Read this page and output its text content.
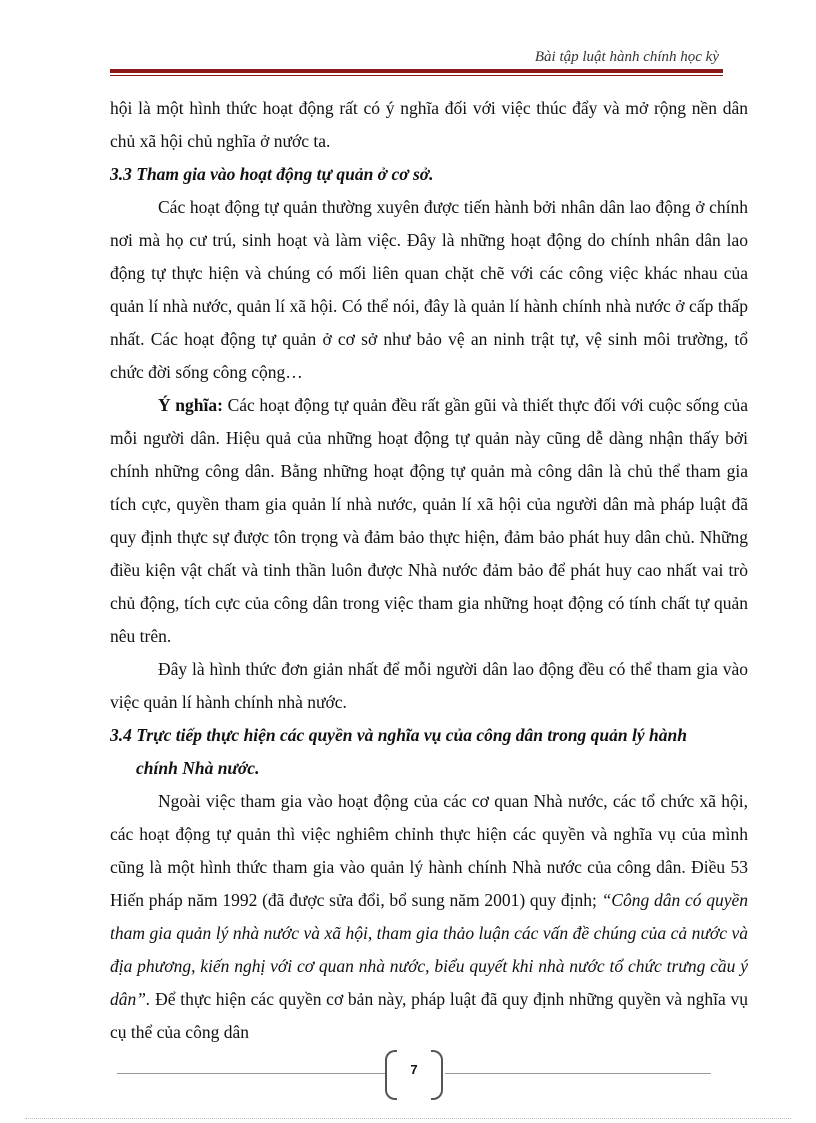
Bài tập luật hành chính học kỳ

hội là một hình thức hoạt động rất có ý nghĩa đối với việc thúc đẩy và mở rộng nền dân chủ xã hội chủ nghĩa ở nước ta.

3.3 Tham gia vào hoạt động tự quản ở cơ sở.

Các hoạt động tự quản thường xuyên được tiến hành bởi nhân dân lao động ở chính nơi mà họ cư trú, sinh hoạt và làm việc. Đây là những hoạt động do chính nhân dân lao động tự thực hiện và chúng có mối liên quan chặt chẽ với các công việc khác nhau của quản lí nhà nước, quản lí xã hội. Có thể nói, đây là quản lí hành chính nhà nước ở cấp thấp nhất. Các hoạt động tự quản ở cơ sở như bảo vệ an ninh trật tự, vệ sinh môi trường, tổ chức đời sống công cộng…

Ý nghĩa: Các hoạt động tự quản đều rất gần gũi và thiết thực đối với cuộc sống của mỗi người dân. Hiệu quả của những hoạt động tự quản này cũng dễ dàng nhận thấy bởi chính những công dân. Bằng những hoạt động tự quản mà công dân là chủ thể tham gia tích cực, quyền tham gia quản lí nhà nước, quản lí xã hội của người dân mà pháp luật đã quy định thực sự được tôn trọng và đảm bảo thực hiện, đảm bảo phát huy dân chủ. Những điều kiện vật chất và tinh thần luôn được Nhà nước đảm bảo để phát huy cao nhất vai trò chủ động, tích cực của công dân trong việc tham gia những hoạt động có tính chất tự quản nêu trên.

Đây là hình thức đơn giản nhất để mỗi người dân lao động đều có thể tham gia vào việc quản lí hành chính nhà nước.

3.4 Trực tiếp thực hiện các quyền và nghĩa vụ của công dân trong quản lý hành
chính Nhà nước.

Ngoài việc tham gia vào hoạt động của các cơ quan Nhà nước, các tổ chức xã hội, các hoạt động tự quản thì việc nghiêm chỉnh thực hiện các quyền và nghĩa vụ của mình cũng là một hình thức tham gia vào quản lý hành chính Nhà nước của công dân. Điều 53 Hiến pháp năm 1992 (đã được sửa đổi, bổ sung năm 2001) quy định; “Công dân có quyền tham gia quản lý nhà nước và xã hội, tham gia thảo luận các vấn đề chúng của cả nước và địa phương, kiến nghị với cơ quan nhà nước, biểu quyết khi nhà nước tổ chức trưng cầu ý dân”. Để thực hiện các quyền cơ bản này, pháp luật đã quy định những quyền và nghĩa vụ cụ thể của công dân

7
